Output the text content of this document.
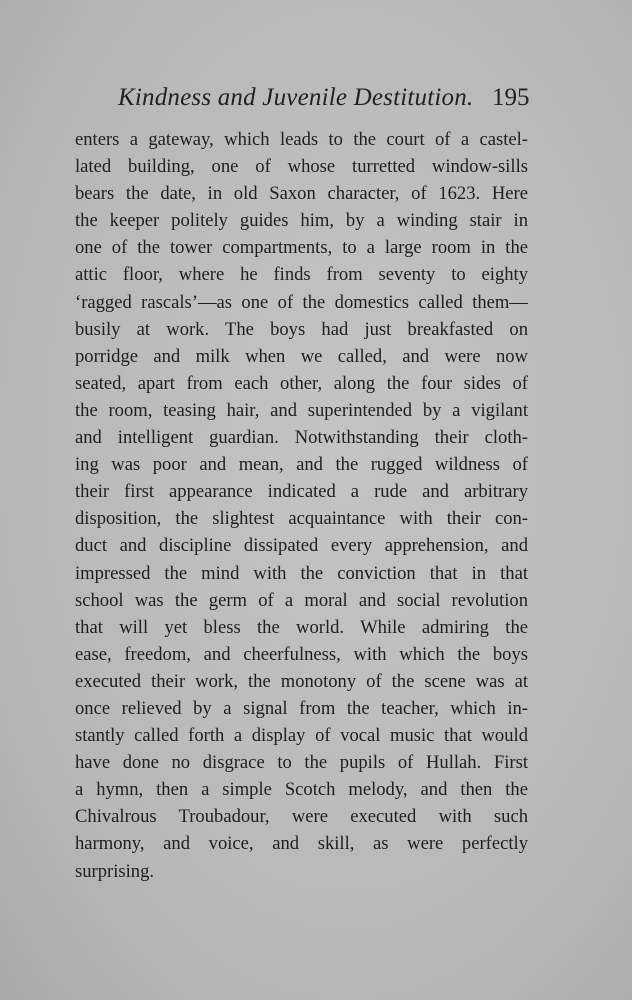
Kindness and Juvenile Destitution. 195
enters a gateway, which leads to the court of a castel-
lated building, one of whose turretted window-sills
bears the date, in old Saxon character, of 1623. Here
the keeper politely guides him, by a winding stair in
one of the tower compartments, to a large room in the
attic floor, where he finds from seventy to eighty
‘ragged rascals’—as one of the domestics called them—
busily at work. The boys had just breakfasted on
porridge and milk when we called, and were now
seated, apart from each other, along the four sides of
the room, teasing hair, and superintended by a vigilant
and intelligent guardian. Notwithstanding their cloth-
ing was poor and mean, and the rugged wildness of
their first appearance indicated a rude and arbitrary
disposition, the slightest acquaintance with their con-
duct and discipline dissipated every apprehension, and
impressed the mind with the conviction that in that
school was the germ of a moral and social revolution
that will yet bless the world. While admiring the
ease, freedom, and cheerfulness, with which the boys
executed their work, the monotony of the scene was at
once relieved by a signal from the teacher, which in-
stantly called forth a display of vocal music that would
have done no disgrace to the pupils of Hullah. First
a hymn, then a simple Scotch melody, and then the
Chivalrous Troubadour, were executed with such
harmony, and voice, and skill, as were perfectly
surprising.
